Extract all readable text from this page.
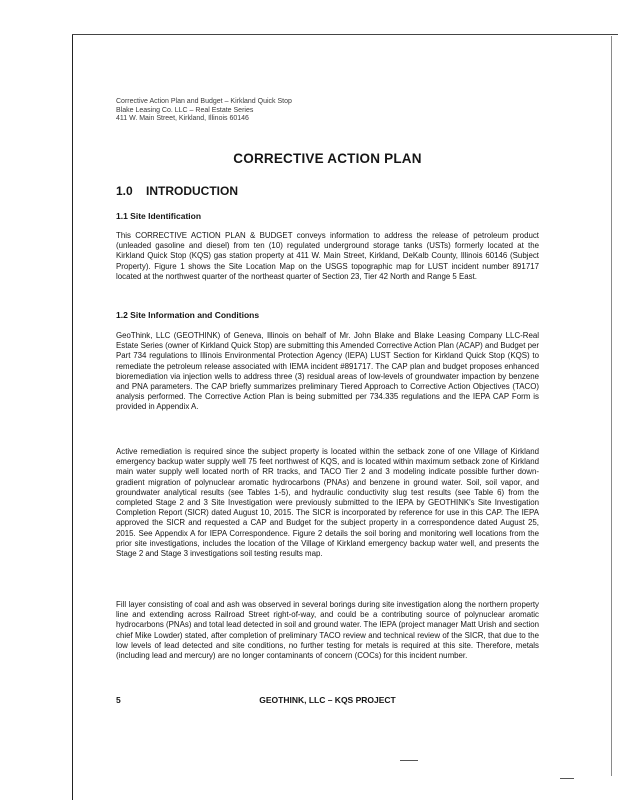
Corrective Action Plan and Budget – Kirkland Quick Stop
Blake Leasing Co. LLC – Real Estate Series
411 W. Main Street, Kirkland, Illinois 60146
CORRECTIVE ACTION PLAN
1.0 INTRODUCTION
1.1 Site Identification

This CORRECTIVE ACTION PLAN & BUDGET conveys information to address the release of petroleum product (unleaded gasoline and diesel) from ten (10) regulated underground storage tanks (USTs) formerly located at the Kirkland Quick Stop (KQS) gas station property at 411 W. Main Street, Kirkland, DeKalb County, Illinois 60146 (Subject Property). Figure 1 shows the Site Location Map on the USGS topographic map for LUST incident number 891717 located at the northwest quarter of the northeast quarter of Section 23, Tier 42 North and Range 5 East.

1.2 Site Information and Conditions

GeoThink, LLC (GEOTHINK) of Geneva, Illinois on behalf of Mr. John Blake and Blake Leasing Company LLC-Real Estate Series (owner of Kirkland Quick Stop) are submitting this Amended Corrective Action Plan (ACAP) and Budget per Part 734 regulations to Illinois Environmental Protection Agency (IEPA) LUST Section for Kirkland Quick Stop (KQS) to remediate the petroleum release associated with IEMA incident #891717. The CAP plan and budget proposes enhanced bioremediation via injection wells to address three (3) residual areas of low-levels of groundwater impaction by benzene and PNA parameters. The CAP briefly summarizes preliminary Tiered Approach to Corrective Action Objectives (TACO) analysis performed. The Corrective Action Plan is being submitted per 734.335 regulations and the IEPA CAP Form is provided in Appendix A.

Active remediation is required since the subject property is located within the setback zone of one Village of Kirkland emergency backup water supply well 75 feet northwest of KQS, and is located within maximum setback zone of Kirkland main water supply well located north of RR tracks, and TACO Tier 2 and 3 modeling indicate possible further down-gradient migration of polynuclear aromatic hydrocarbons (PNAs) and benzene in ground water. Soil, soil vapor, and groundwater analytical results (see Tables 1-5), and hydraulic conductivity slug test results (see Table 6) from the completed Stage 2 and 3 Site Investigation were previously submitted to the IEPA by GEOTHINK's Site Investigation Completion Report (SICR) dated August 10, 2015. The SICR is incorporated by reference for use in this CAP. The IEPA approved the SICR and requested a CAP and Budget for the subject property in a correspondence dated August 25, 2015. See Appendix A for IEPA Correspondence. Figure 2 details the soil boring and monitoring well locations from the prior site investigations, includes the location of the Village of Kirkland emergency backup water well, and presents the Stage 2 and Stage 3 investigations soil testing results map.

Fill layer consisting of coal and ash was observed in several borings during site investigation along the northern property line and extending across Railroad Street right-of-way, and could be a contributing source of polynuclear aromatic hydrocarbons (PNAs) and total lead detected in soil and ground water. The IEPA (project manager Matt Urish and section chief Mike Lowder) stated, after completion of preliminary TACO review and technical review of the SICR, that due to the low levels of lead detected and site conditions, no further testing for metals is required at this site. Therefore, metals (including lead and mercury) are no longer contaminants of concern (COCs) for this incident number.

5	GEOTHINK, LLC – KQS PROJECT
